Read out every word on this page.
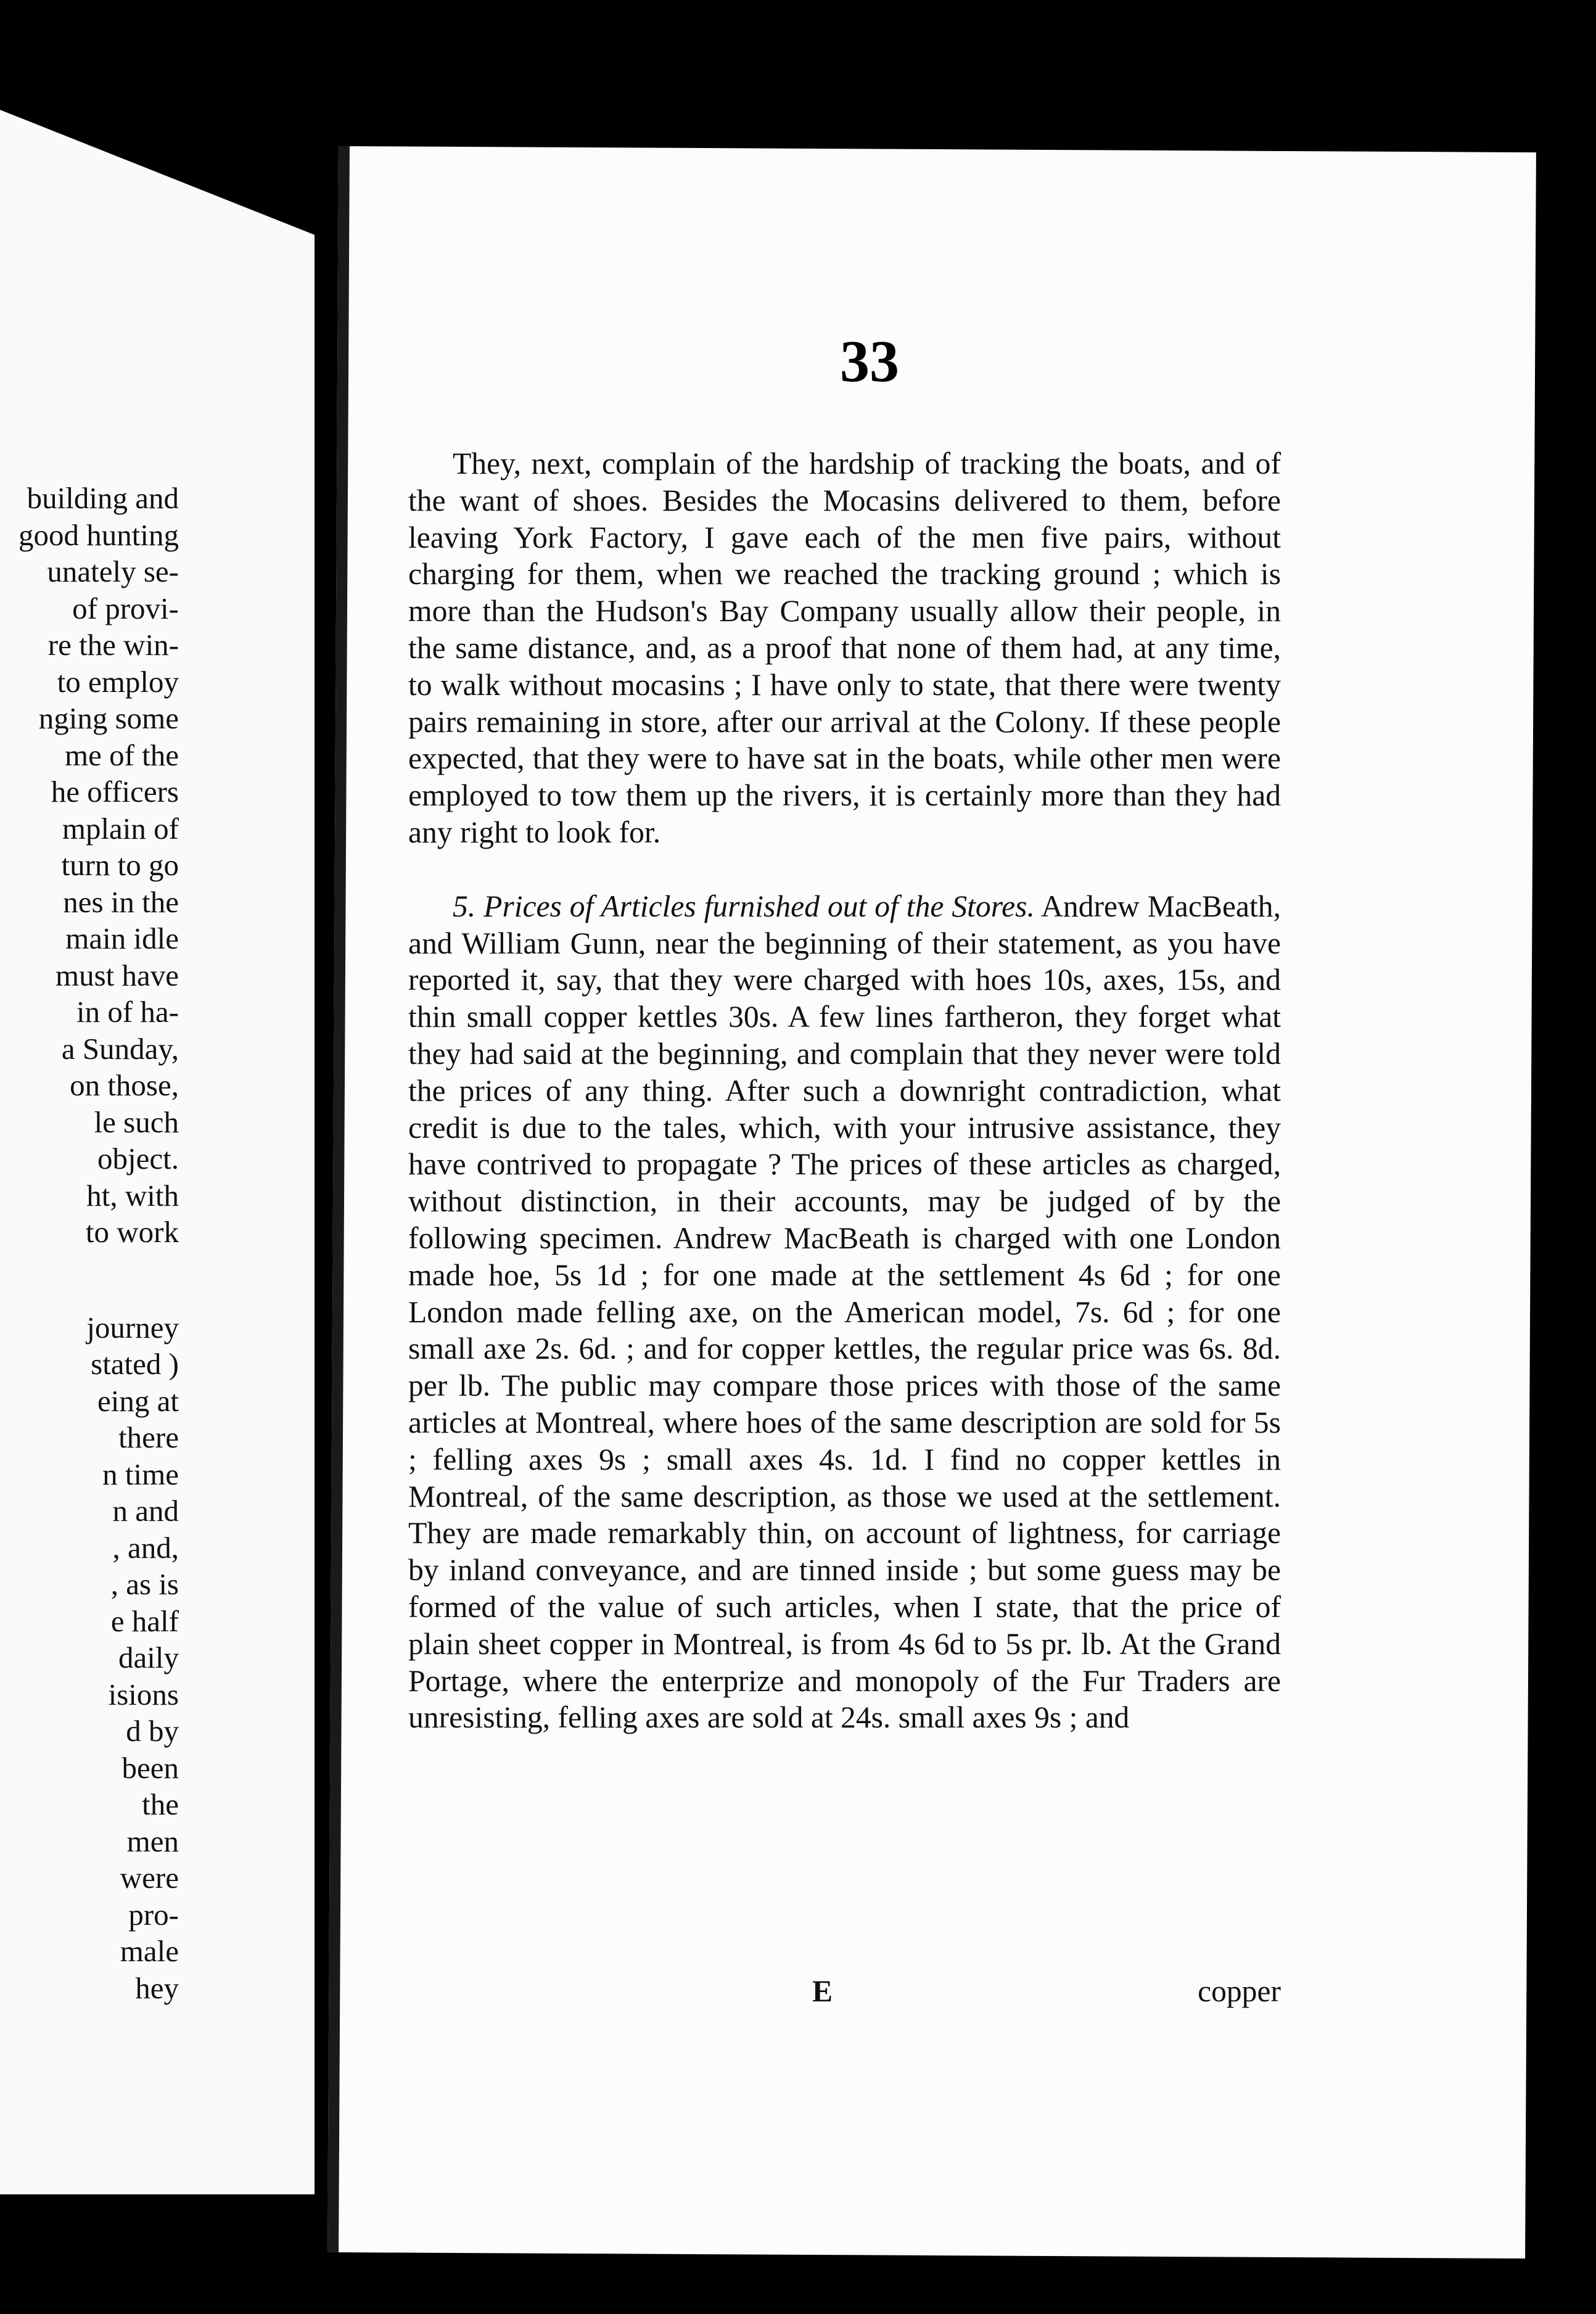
building and
good hunting
unately se-
of provi-
re the win-
to employ
nging some
me of the
he officers
mplain of
turn to go
nes in the
main idle
must have
in of ha-
a Sunday,
on those,
le such
object.
ht, with
to work
journey
stated )
eing at
there
n time
n and
, and,
, as is
e half
daily
isions
d by
been
the
men
were
pro-
male
hey
33

They, next, complain of the hardship of tracking the boats, and of the want of shoes. Besides the Mocasins delivered to them, before leaving York Factory, I gave each of the men five pairs, without charging for them, when we reached the tracking ground ; which is more than the Hudson's Bay Company usually allow their people, in the same distance, and, as a proof that none of them had, at any time, to walk without mocasins ; I have only to state, that there were twenty pairs remaining in store, after our arrival at the Colony. If these people expected, that they were to have sat in the boats, while other men were employed to tow them up the rivers, it is certainly more than they had any right to look for.

5. Prices of Articles furnished out of the Stores. Andrew MacBeath, and William Gunn, near the beginning of their statement, as you have reported it, say, that they were charged with hoes 10s, axes, 15s, and thin small copper kettles 30s. A few lines fartheron, they forget what they had said at the beginning, and complain that they never were told the prices of any thing. After such a downright contradiction, what credit is due to the tales, which, with your intrusive assistance, they have contrived to propagate ? The prices of these articles as charged, without distinction, in their accounts, may be judged of by the following specimen. Andrew MacBeath is charged with one London made hoe, 5s 1d ; for one made at the settlement 4s 6d ; for one London made felling axe, on the American model, 7s. 6d ; for one small axe 2s. 6d. ; and for copper kettles, the regular price was 6s. 8d. per lb. The public may compare those prices with those of the same articles at Montreal, where hoes of the same description are sold for 5s ; felling axes 9s ; small axes 4s. 1d. I find no copper kettles in Montreal, of the same description, as those we used at the settlement. They are made remarkably thin, on account of lightness, for carriage by inland conveyance, and are tinned inside ; but some guess may be formed of the value of such articles, when I state, that the price of plain sheet copper in Montreal, is from 4s 6d to 5s pr. lb. At the Grand Portage, where the enterprize and monopoly of the Fur Traders are unresisting, felling axes are sold at 24s. small axes 9s ; and

E	copper
